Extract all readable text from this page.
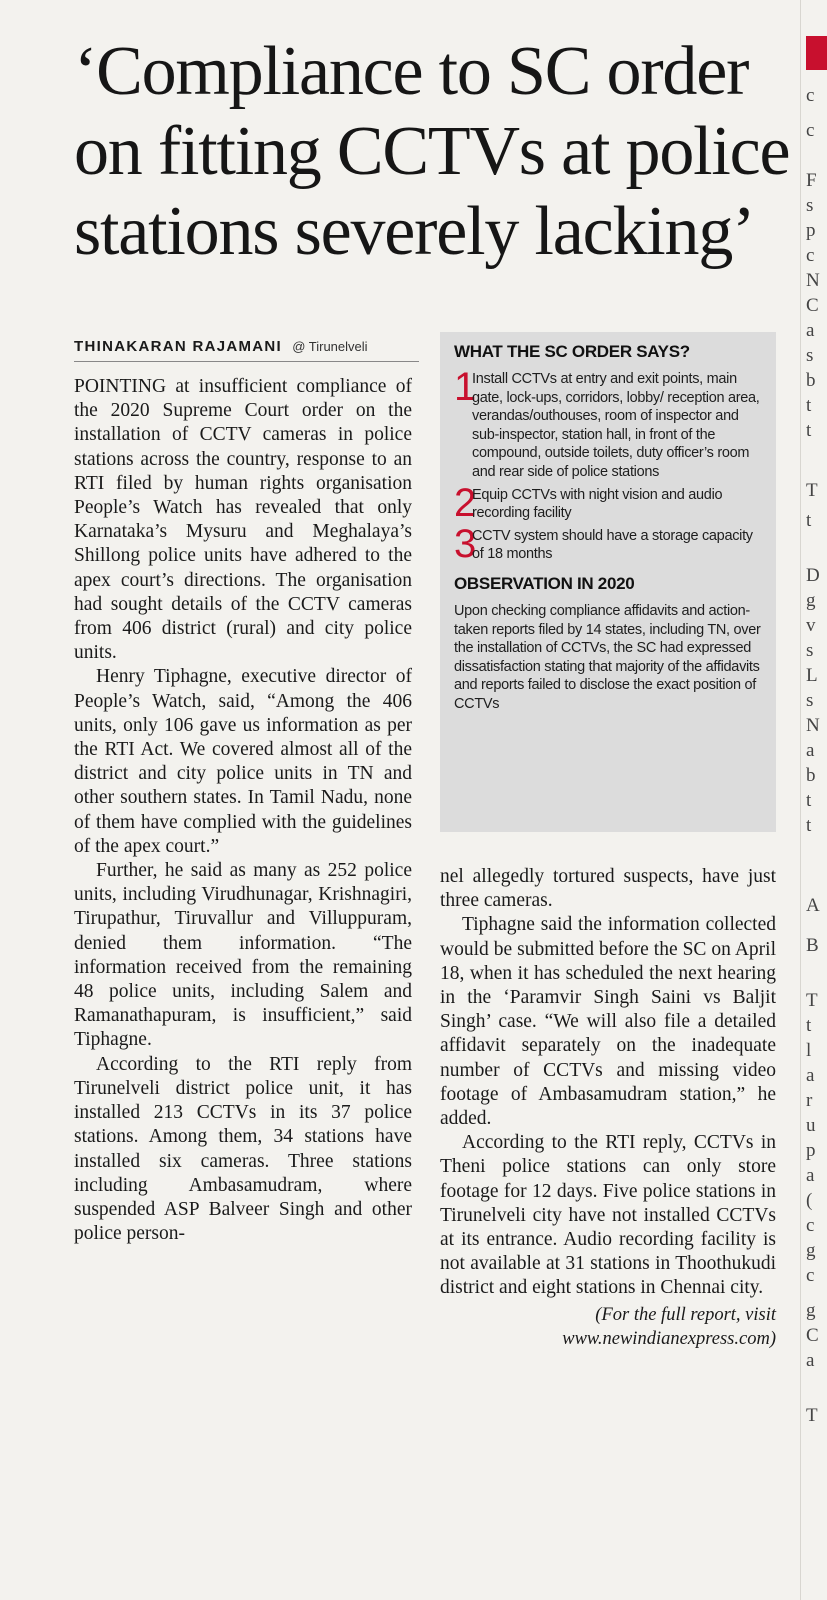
‘Compliance to SC order
on fitting CCTVs at police
stations severely lacking’
THINAKARAN RAJAMANI @ Tirunelveli

POINTING at insufficient compliance of the 2020 Supreme Court order on the installation of CCTV cameras in police stations across the country, response to an RTI filed by human rights organisation People’s Watch has revealed that only Karnataka’s Mysuru and Meghalaya’s Shillong police units have adhered to the apex court’s directions. The organisation had sought details of the CCTV cameras from 406 district (rural) and city police units.

Henry Tiphagne, executive director of People’s Watch, said, “Among the 406 units, only 106 gave us information as per the RTI Act. We covered almost all of the district and city police units in TN and other southern states. In Tamil Nadu, none of them have complied with the guidelines of the apex court.”

Further, he said as many as 252 police units, including Virudhunagar, Krishnagiri, Tirupathur, Tiruvallur and Villuppuram, denied them information. “The information received from the remaining 48 police units, including Salem and Ramanathapuram, is insufficient,” said Tiphagne.

According to the RTI reply from Tirunelveli district police unit, it has installed 213 CCTVs in its 37 police stations. Among them, 34 stations have installed six cameras. Three stations including Ambasamudram, where suspended ASP Balveer Singh and other police person-

WHAT THE SC ORDER SAYS?
1
Install CCTVs at entry and exit points, main gate, lock-ups, corridors, lobby/ reception area, verandas/outhouses, room of inspector and sub-inspector, station hall, in front of the compound, outside toilets, duty officer’s room and rear side of police stations
2
Equip CCTVs with night vision and audio recording facility
3
CCTV system should have a storage capacity of 18 months
OBSERVATION IN 2020
Upon checking compliance affidavits and action-taken reports filed by 14 states, including TN, over the installation of CCTVs, the SC had expressed dissatisfaction stating that majority of the affidavits and reports failed to disclose the exact position of CCTVs

nel allegedly tortured suspects, have just three cameras.

Tiphagne said the information collected would be submitted before the SC on April 18, when it has scheduled the next hearing in the ‘Paramvir Singh Saini vs Baljit Singh’ case. “We will also file a detailed affidavit separately on the inadequate number of CCTVs and missing video footage of Ambasamudram station,” he added.

According to the RTI reply, CCTVs in Theni police stations can only store footage for 12 days. Five police stations in Tirunelveli city have not installed CCTVs at its entrance. Audio recording facility is not available at 31 stations in Thoothukudi district and eight stations in Chennai city.

(For the full report, visit
www.newindianexpress.com)
c
c
F
s
p
c
N
C
a
s
b
t
t
T
t
D
g
v
s
L
s
N
a
b
t
t
A
B
T
t
l
a
r
u
p
a
(
c
g
c
g
C
a
T
